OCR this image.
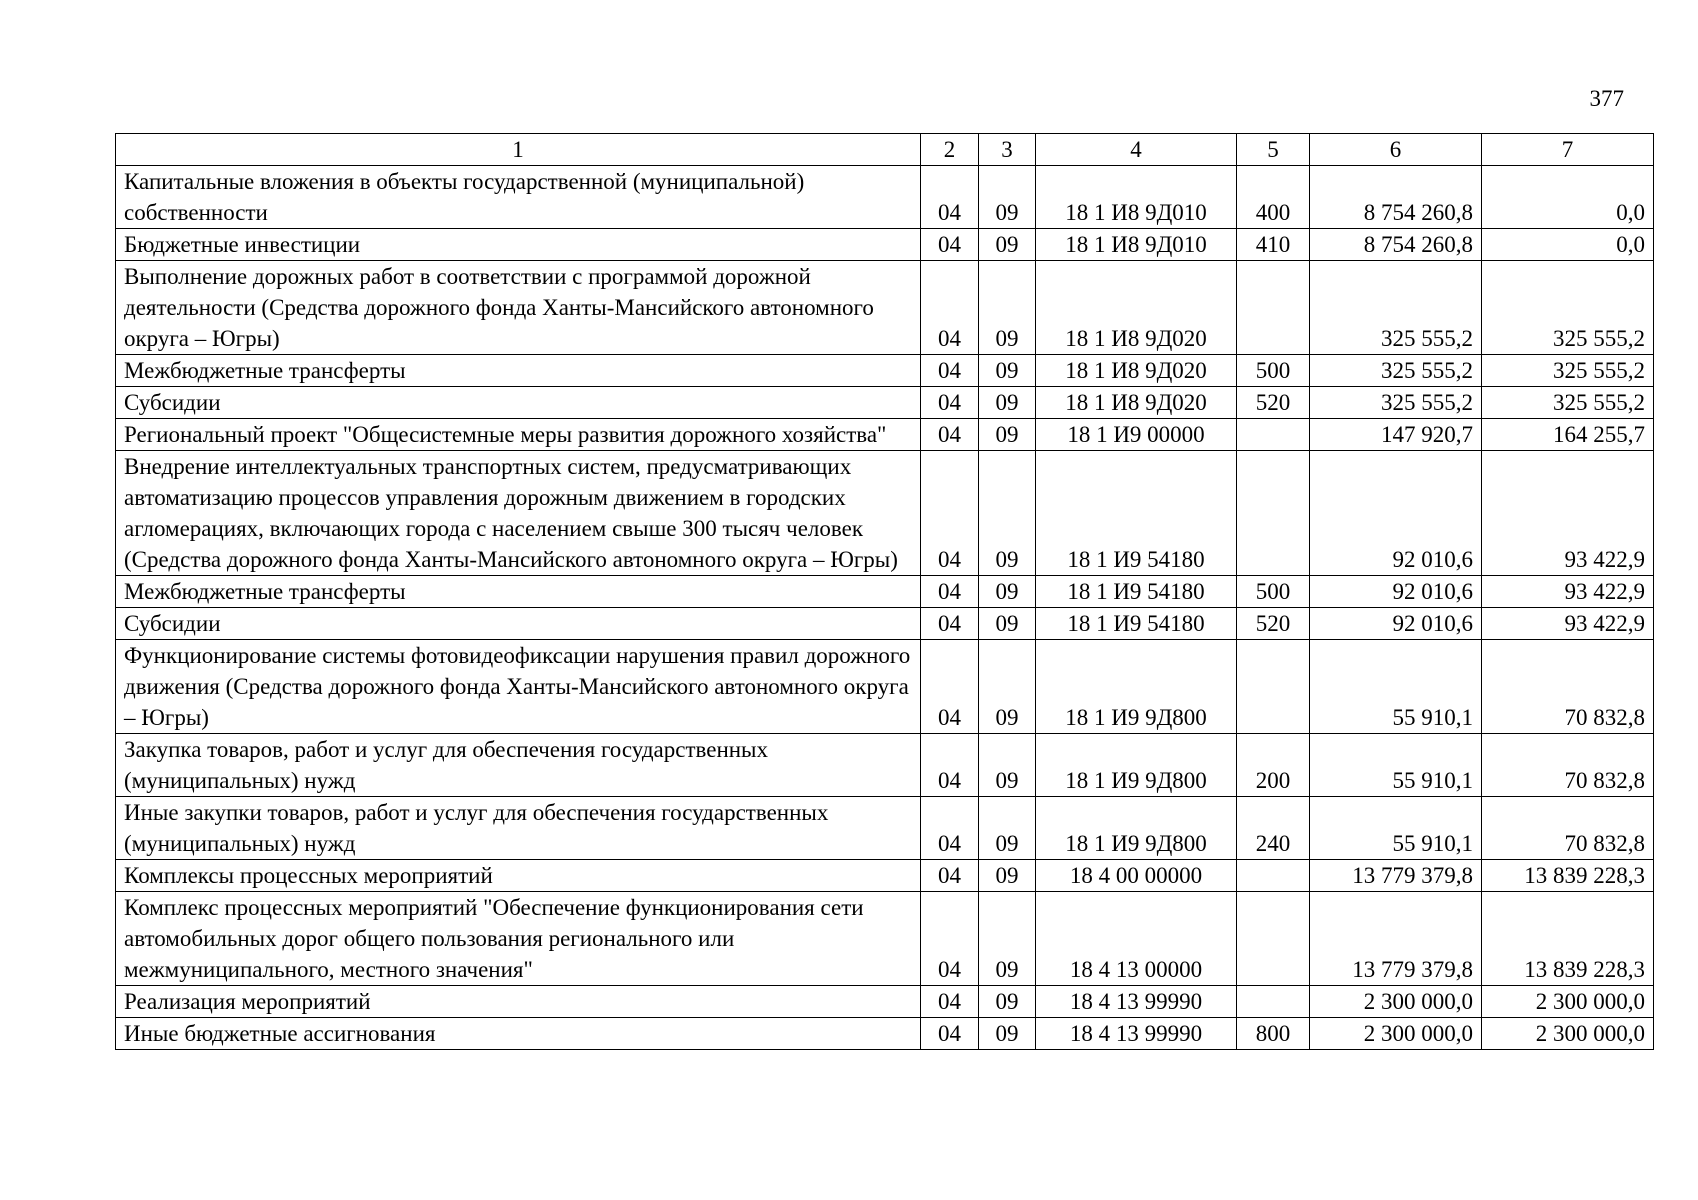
377
1	2	3	4	5	6	7
Капитальные вложения в объекты государственной (муниципальной) собственности	04	09	18 1 И8 9Д010	400	8 754 260,8	0,0
Бюджетные инвестиции	04	09	18 1 И8 9Д010	410	8 754 260,8	0,0
Выполнение дорожных работ в соответствии с программой дорожной деятельности (Средства дорожного фонда Ханты-Мансийского автономного округа – Югры)	04	09	18 1 И8 9Д020		325 555,2	325 555,2
Межбюджетные трансферты	04	09	18 1 И8 9Д020	500	325 555,2	325 555,2
Субсидии	04	09	18 1 И8 9Д020	520	325 555,2	325 555,2
Региональный проект "Общесистемные меры развития дорожного хозяйства"	04	09	18 1 И9 00000		147 920,7	164 255,7
Внедрение интеллектуальных транспортных систем, предусматривающих автоматизацию процессов управления дорожным движением в городских агломерациях, включающих города с населением свыше 300 тысяч человек (Средства дорожного фонда Ханты-Мансийского автономного округа – Югры)	04	09	18 1 И9 54180		92 010,6	93 422,9
Межбюджетные трансферты	04	09	18 1 И9 54180	500	92 010,6	93 422,9
Субсидии	04	09	18 1 И9 54180	520	92 010,6	93 422,9
Функционирование системы фотовидеофиксации нарушения правил дорожного движения (Средства дорожного фонда Ханты-Мансийского автономного округа – Югры)	04	09	18 1 И9 9Д800		55 910,1	70 832,8
Закупка товаров, работ и услуг для обеспечения государственных (муниципальных) нужд	04	09	18 1 И9 9Д800	200	55 910,1	70 832,8
Иные закупки товаров, работ и услуг для обеспечения государственных (муниципальных) нужд	04	09	18 1 И9 9Д800	240	55 910,1	70 832,8
Комплексы процессных мероприятий	04	09	18 4 00 00000		13 779 379,8	13 839 228,3
Комплекс процессных мероприятий "Обеспечение функционирования сети автомобильных дорог общего пользования регионального или межмуниципального, местного значения"	04	09	18 4 13 00000		13 779 379,8	13 839 228,3
Реализация мероприятий	04	09	18 4 13 99990		2 300 000,0	2 300 000,0
Иные бюджетные ассигнования	04	09	18 4 13 99990	800	2 300 000,0	2 300 000,0
